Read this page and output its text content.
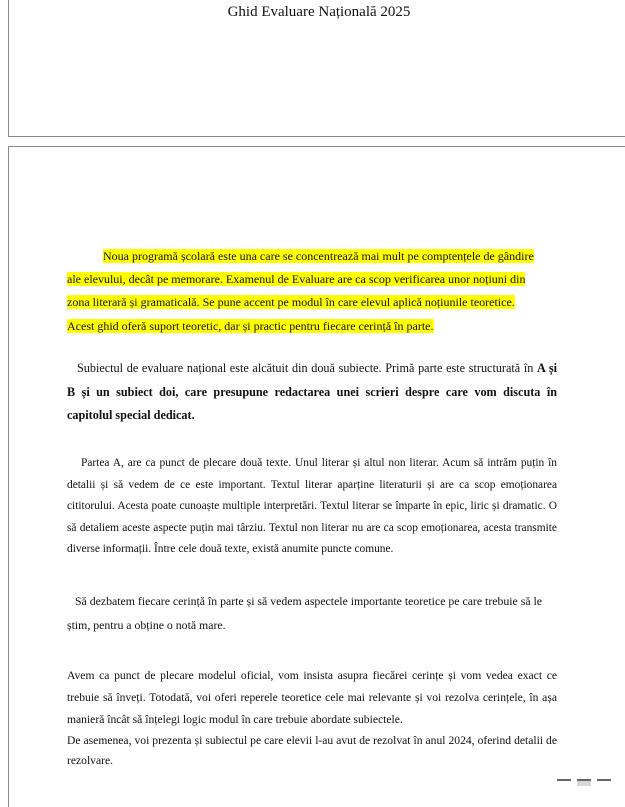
Ghid Evaluare Națională 2025

Noua programă școlară este una care se concentrează mai mult pe comptențele de gândire

ale elevului, decât pe memorare. Examenul de Evaluare are ca scop verificarea unor noțiuni din

zona literară și gramaticală. Se pune accent pe modul în care elevul aplică noțiunile teoretice.

Acest ghid oferă suport teoretic, dar și practic pentru fiecare cerință în parte.

Subiectul de evaluare național este alcătuit din două subiecte. Primă parte este structurată în A și B și un subiect doi, care presupune redactarea unei scrieri despre care vom discuta în capitolul special dedicat.

Partea A, are ca punct de plecare două texte. Unul literar și altul non literar. Acum să intrăm puțin în detalii și să vedem de ce este important. Textul literar aparține literaturii și are ca scop emoționarea cititorului. Acesta poate cunoaște multiple interpretări. Textul literar se împarte în epic, liric și dramatic. O să detaliem aceste aspecte puțin mai târziu. Textul non literar nu are ca scop emoționarea, acesta transmite diverse informații. Între cele două texte, există anumite puncte comune.

Să dezbatem fiecare cerință în parte și să vedem aspectele importante teoretice pe care trebuie să le știm, pentru a obține o notă mare.

Avem ca punct de plecare modelul oficial, vom insista asupra fiecărei cerințe și vom vedea exact ce trebuie să înveți. Totodată, voi oferi reperele teoretice cele mai relevante și voi rezolva cerințele, în așa manieră încât să înțelegi logic modul în care trebuie abordate subiectele.

De asemenea, voi prezenta și subiectul pe care elevii l-au avut de rezolvat în anul 2024, oferind detalii de rezolvare.
